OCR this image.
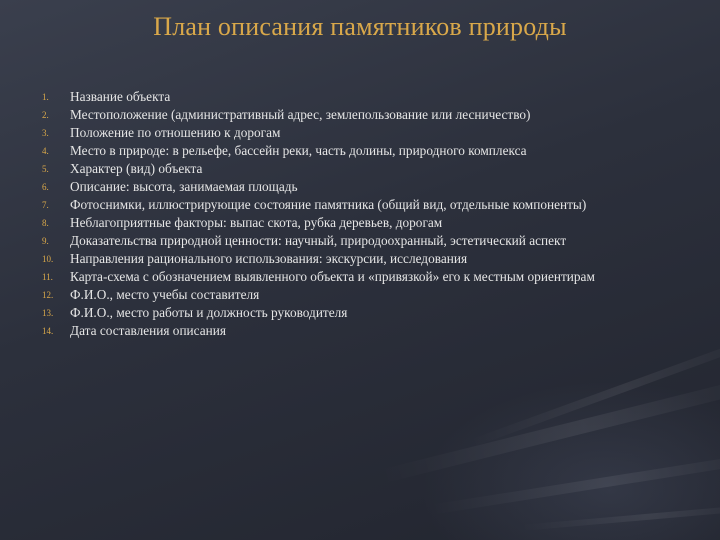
План описания памятников природы
1.	Название объекта
2.	Местоположение (административный адрес, землепользование или лесничество)
3.	Положение по отношению к дорогам
4.	Место в природе: в рельефе, бассейн реки, часть долины, природного комплекса
5.	Характер (вид) объекта
6.	Описание: высота, занимаемая площадь
7.	Фотоснимки, иллюстрирующие состояние памятника (общий вид, отдельные компоненты)
8.	Неблагоприятные факторы: выпас скота, рубка деревьев, дорогам
9.	Доказательства природной ценности: научный, природоохранный, эстетический аспект
10.	Направления рационального использования: экскурсии, исследования
11.	Карта-схема с обозначением выявленного объекта и «привязкой» его к местным ориентирам
12.	Ф.И.О., место учебы составителя
13.	Ф.И.О., место работы и должность руководителя
14.	Дата составления описания
